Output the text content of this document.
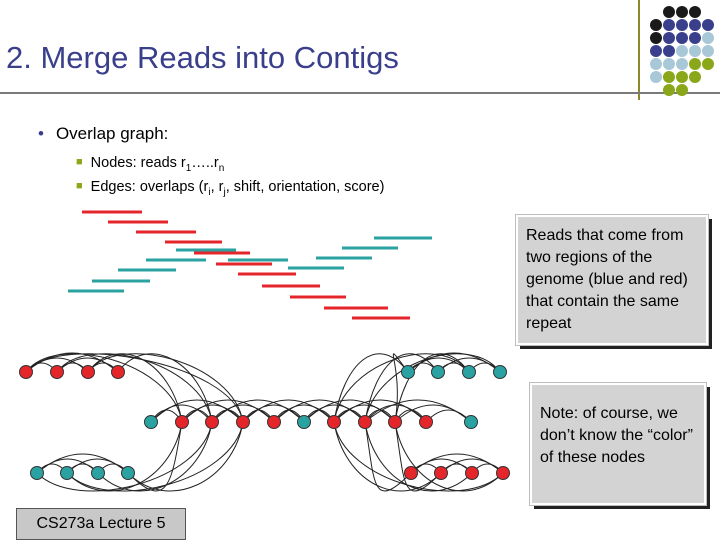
2. Merge Reads into Contigs
• Overlap graph:
■ Nodes: reads $r_1\dots..r_n$
■ Edges: overlaps ($r_i$, $r_j$, shift, orientation, score)
Reads that come from two regions of the genome (blue and red) that contain the same repeat
Note: of course, we don’t know the “color” of these nodes
CS273a Lecture 5
